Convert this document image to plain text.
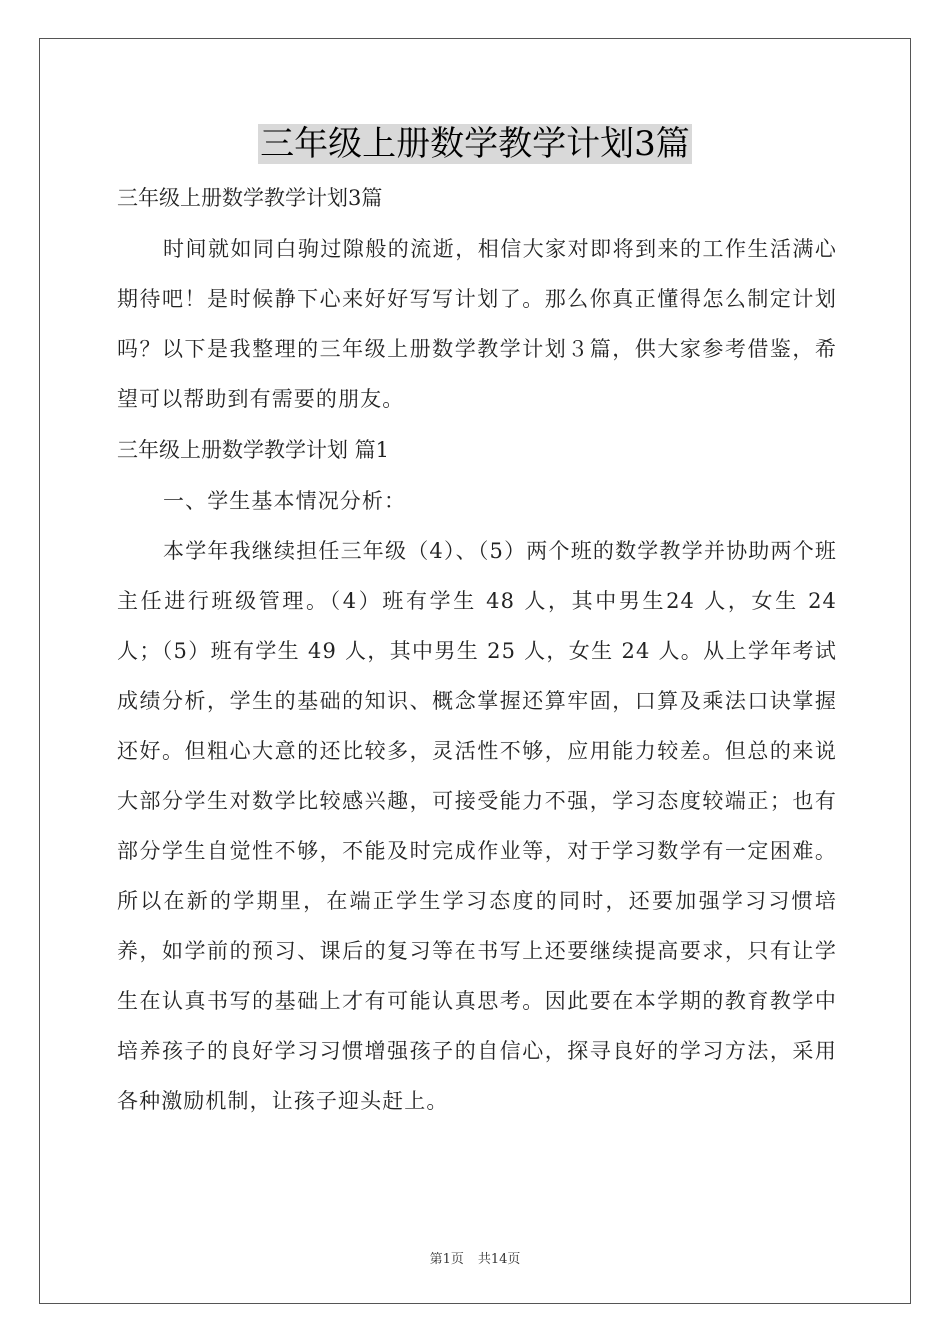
三年级上册数学教学计划3篇

三年级上册数学教学计划3篇

时间就如同白驹过隙般的流逝，相信大家对即将到来的工作生活满心期待吧！是时候静下心来好好写写计划了。那么你真正懂得怎么制定计划吗？以下是我整理的三年级上册数学教学计划３篇，供大家参考借鉴，希望可以帮助到有需要的朋友。

三年级上册数学教学计划 篇1

一、学生基本情况分析：

本学年我继续担任三年级（4）、（5）两个班的数学教学并协助两个班主任进行班级管理。（4）班有学生 48 人，其中男生24 人，女生 24 人；（5）班有学生 49 人，其中男生 25 人，女生 24 人。从上学年考试成绩分析，学生的基础的知识、概念掌握还算牢固，口算及乘法口诀掌握还好。但粗心大意的还比较多，灵活性不够，应用能力较差。但总的来说大部分学生对数学比较感兴趣，可接受能力不强，学习态度较端正；也有部分学生自觉性不够，不能及时完成作业等，对于学习数学有一定困难。所以在新的学期里，在端正学生学习态度的同时，还要加强学习习惯培养，如学前的预习、课后的复习等在书写上还要继续提高要求，只有让学生在认真书写的基础上才有可能认真思考。因此要在本学期的教育教学中培养孩子的良好学习习惯增强孩子的自信心，探寻良好的学习方法，采用各种激励机制，让孩子迎头赶上。

第1页 共14页
